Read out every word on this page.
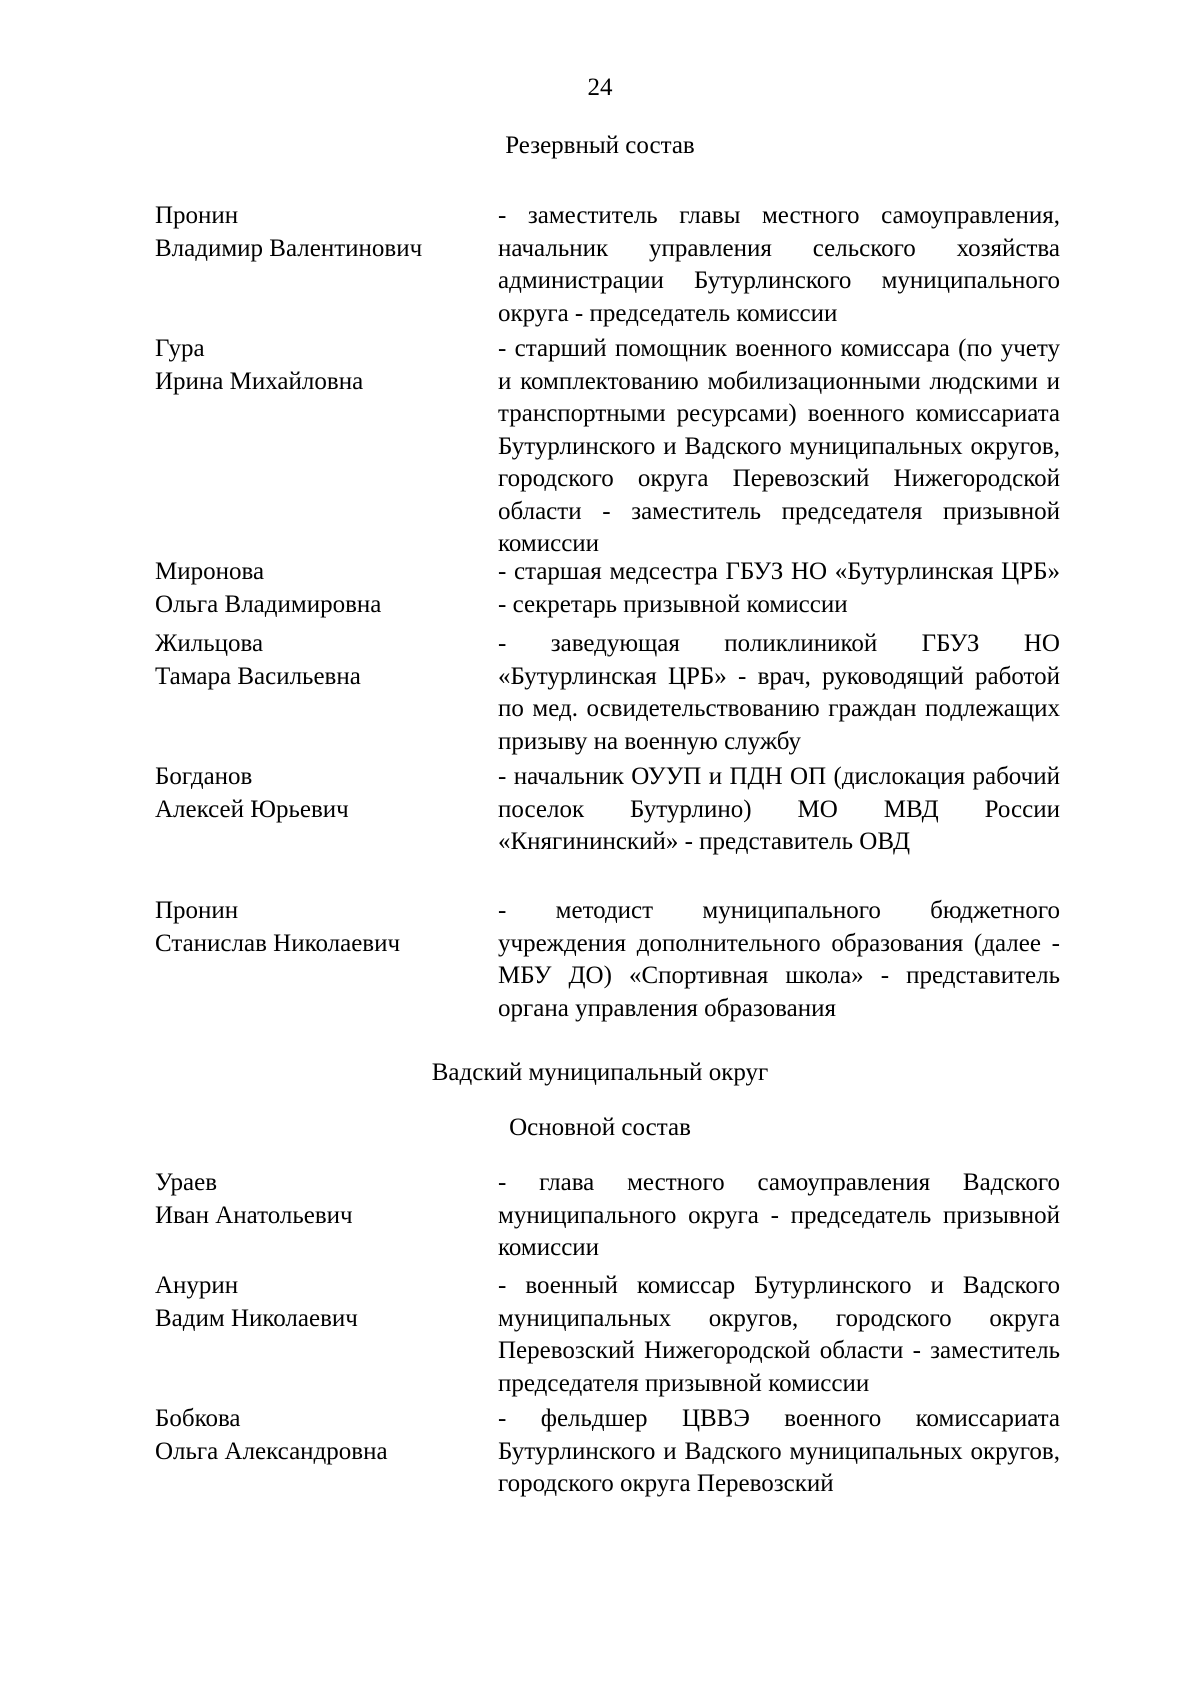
24
Резервный состав
Пронин
Владимир Валентинович
- заместитель главы местного самоуправления, начальник управления сельского хозяйства администрации Бутурлинского муниципального округа - председатель комиссии
Гура
Ирина Михайловна
- старший помощник военного комиссара (по учету и комплектованию мобилизационными людскими и транспортными ресурсами) военного комиссариата Бутурлинского и Вадского муниципальных округов, городского округа Перевозский Нижегородской области - заместитель председателя призывной комиссии
Миронова
Ольга Владимировна
- старшая медсестра ГБУЗ НО «Бутурлинская ЦРБ» - секретарь призывной комиссии
Жильцова
Тамара Васильевна
- заведующая поликлиникой ГБУЗ НО «Бутурлинская ЦРБ» - врач, руководящий работой по мед. освидетельствованию граждан подлежащих призыву на военную службу
Богданов
Алексей Юрьевич
- начальник ОУУП и ПДН ОП (дислокация рабочий поселок Бутурлино) МО МВД России «Княгининский» - представитель ОВД
Пронин
Станислав Николаевич
- методист муниципального бюджетного учреждения дополнительного образования (далее - МБУ ДО) «Спортивная школа» - представитель органа управления образования
Вадский муниципальный округ
Основной состав
Ураев
Иван Анатольевич
- глава местного самоуправления Вадского муниципального округа - председатель призывной комиссии
Анурин
Вадим Николаевич
- военный комиссар Бутурлинского и Вадского муниципальных округов, городского округа Перевозский Нижегородской области - заместитель председателя призывной комиссии
Бобкова
Ольга Александровна
- фельдшер ЦВВЭ военного комиссариата Бутурлинского и Вадского муниципальных округов, городского округа Перевозский
